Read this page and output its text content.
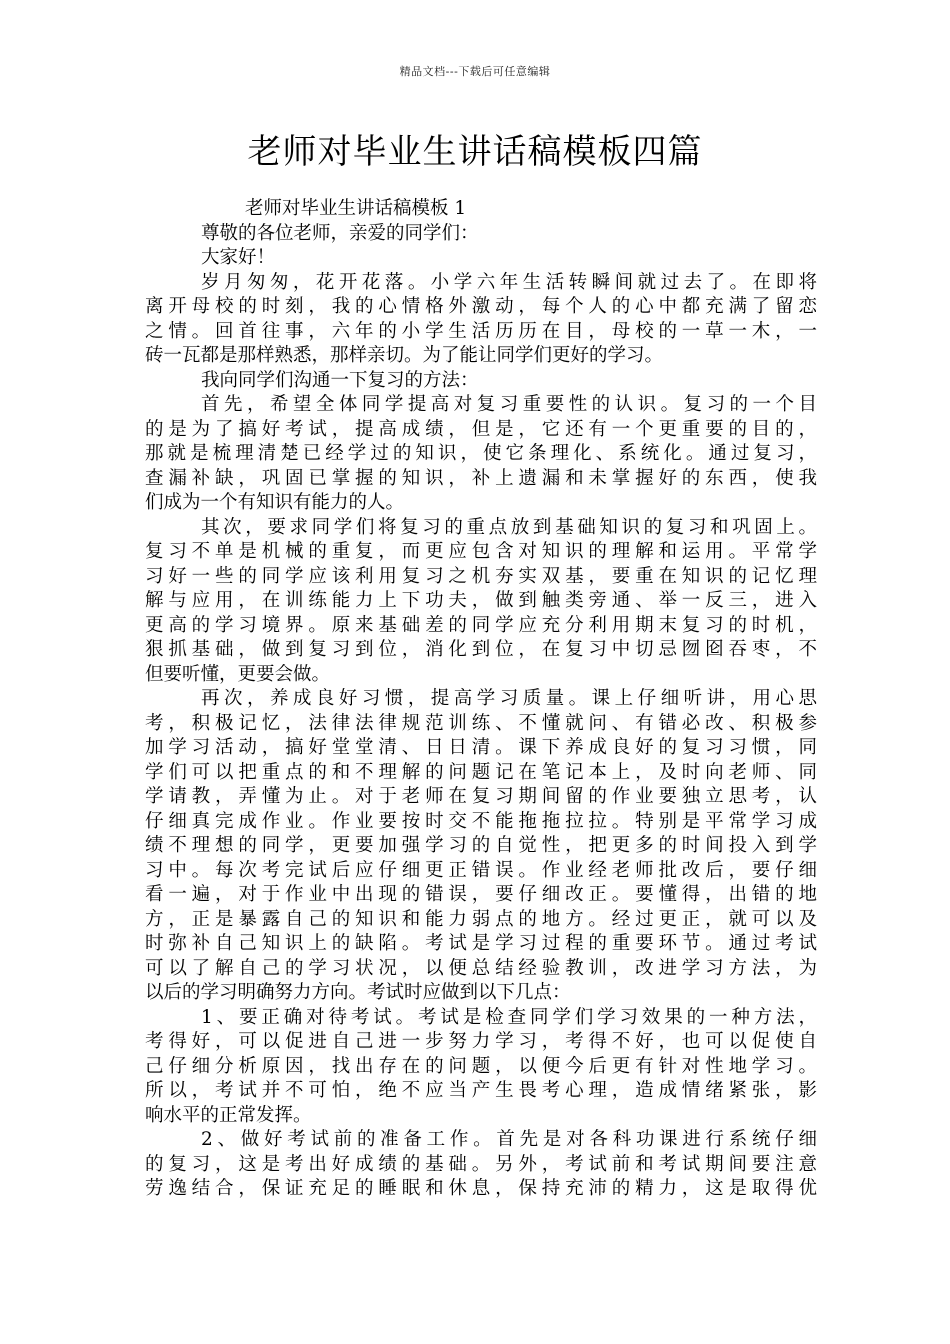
精品文档---下载后可任意编辑
老师对毕业生讲话稿模板四篇
老师对毕业生讲话稿模板 1
尊敬的各位老师，亲爱的同学们：
大家好！
岁月匆匆，花开花落。小学六年生活转瞬间就过去了。在即将
离开母校的时刻，我的心情格外激动，每个人的心中都充满了留恋
之情。回首往事，六年的小学生活历历在目，母校的一草一木，一
砖一瓦都是那样熟悉，那样亲切。为了能让同学们更好的学习。
我向同学们沟通一下复习的方法：
首先，希望全体同学提高对复习重要性的认识。复习的一个目
的是为了搞好考试，提高成绩，但是，它还有一个更重要的目的，
那就是梳理清楚已经学过的知识，使它条理化、系统化。通过复习，
查漏补缺，巩固已掌握的知识，补上遗漏和未掌握好的东西，使我
们成为一个有知识有能力的人。
其次，要求同学们将复习的重点放到基础知识的复习和巩固上。
复习不单是机械的重复，而更应包含对知识的理解和运用。平常学
习好一些的同学应该利用复习之机夯实双基，要重在知识的记忆理
解与应用，在训练能力上下功夫，做到触类旁通、举一反三，进入
更高的学习境界。原来基础差的同学应充分利用期末复习的时机，
狠抓基础，做到复习到位，消化到位，在复习中切忌囫囵吞枣，不
但要听懂，更要会做。
再次，养成良好习惯，提高学习质量。课上仔细听讲，用心思
考，积极记忆，法律法律规范训练、不懂就问、有错必改、积极参
加学习活动，搞好堂堂清、日日清。课下养成良好的复习习惯，同
学们可以把重点的和不理解的问题记在笔记本上，及时向老师、同
学请教，弄懂为止。对于老师在复习期间留的作业要独立思考，认
仔细真完成作业。作业要按时交不能拖拖拉拉。特别是平常学习成
绩不理想的同学，更要加强学习的自觉性，把更多的时间投入到学
习中。每次考完试后应仔细更正错误。作业经老师批改后，要仔细
看一遍，对于作业中出现的错误，要仔细改正。要懂得，出错的地
方，正是暴露自己的知识和能力弱点的地方。经过更正，就可以及
时弥补自己知识上的缺陷。考试是学习过程的重要环节。通过考试
可以了解自己的学习状况，以便总结经验教训，改进学习方法，为
以后的学习明确努力方向。考试时应做到以下几点：
1、要正确对待考试。考试是检查同学们学习效果的一种方法，
考得好，可以促进自己进一步努力学习，考得不好，也可以促使自
己仔细分析原因，找出存在的问题，以便今后更有针对性地学习。
所以，考试并不可怕，绝不应当产生畏考心理，造成情绪紧张，影
响水平的正常发挥。
2、做好考试前的准备工作。首先是对各科功课进行系统仔细
的复习，这是考出好成绩的基础。另外，考试前和考试期间要注意
劳逸结合，保证充足的睡眠和休息，保持充沛的精力，这是取得优
